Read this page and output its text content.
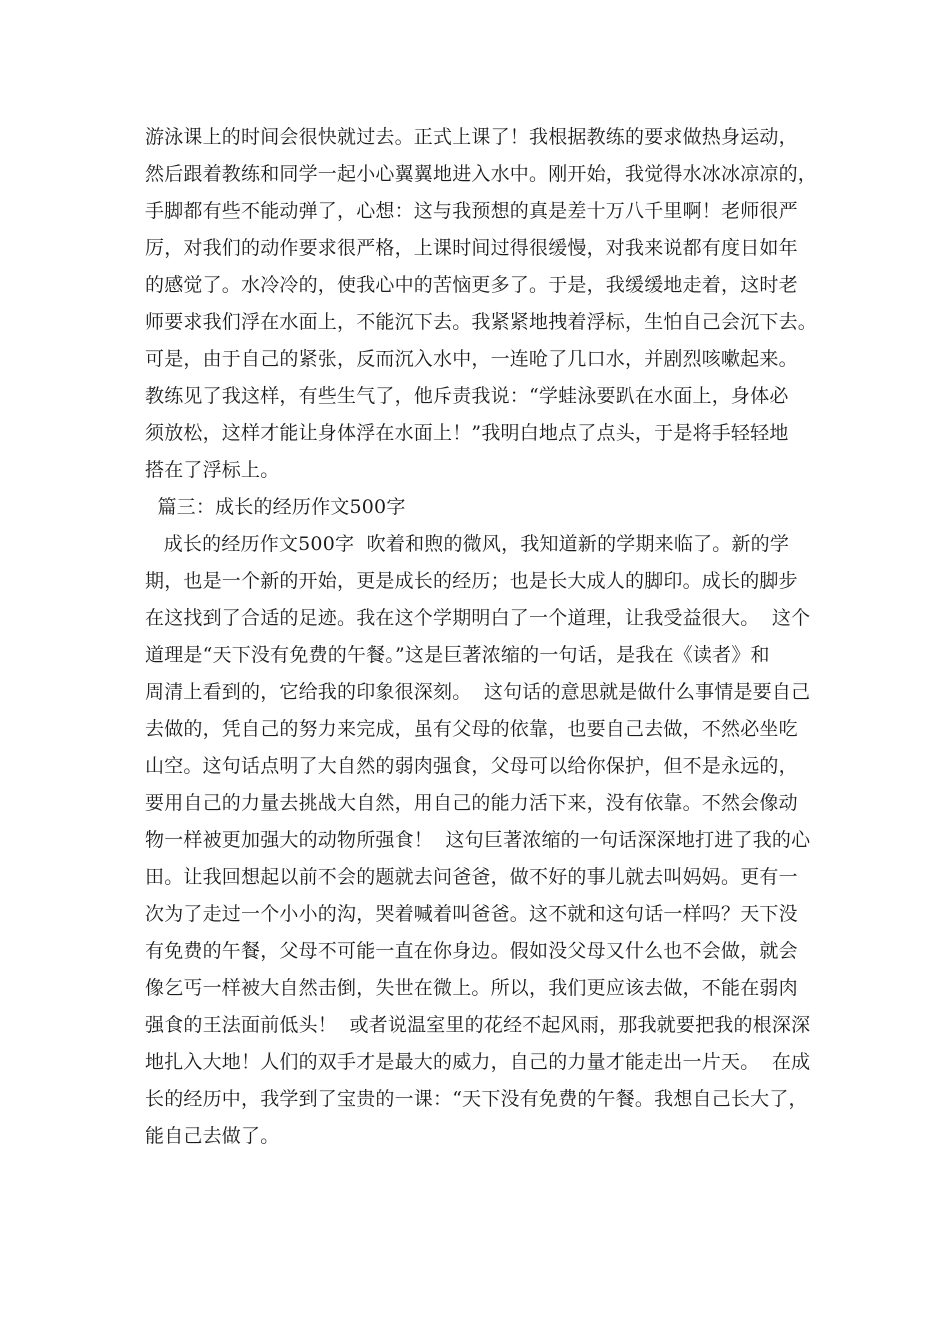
游泳课上的时间会很快就过去。正式上课了！我根据教练的要求做热身运动，
然后跟着教练和同学一起小心翼翼地进入水中。刚开始，我觉得水冰冰凉凉的，
手脚都有些不能动弹了，心想：这与我预想的真是差十万八千里啊！老师很严
厉，对我们的动作要求很严格，上课时间过得很缓慢，对我来说都有度日如年
的感觉了。水冷冷的，使我心中的苦恼更多了。于是，我缓缓地走着，这时老
师要求我们浮在水面上，不能沉下去。我紧紧地拽着浮标，生怕自己会沉下去。
可是，由于自己的紧张，反而沉入水中，一连呛了几口水，并剧烈咳嗽起来。
教练见了我这样，有些生气了，他斥责我说：“学蛙泳要趴在水面上，身体必
须放松，这样才能让身体浮在水面上！”我明白地点了点头，于是将手轻轻地
搭在了浮标上。
篇三：成长的经历作文500字
成长的经历作文500字  吹着和煦的微风，我知道新的学期来临了。新的学
期，也是一个新的开始，更是成长的经历；也是长大成人的脚印。成长的脚步
在这找到了合适的足迹。我在这个学期明白了一个道理，让我受益很大。  这个
道理是“天下没有免费的午餐。”这是巨著浓缩的一句话，是我在《读者》和
周清上看到的，它给我的印象很深刻。  这句话的意思就是做什么事情是要自己
去做的，凭自己的努力来完成，虽有父母的依靠，也要自己去做，不然必坐吃
山空。这句话点明了大自然的弱肉强食，父母可以给你保护，但不是永远的，
要用自己的力量去挑战大自然，用自己的能力活下来，没有依靠。不然会像动
物一样被更加强大的动物所强食！  这句巨著浓缩的一句话深深地打进了我的心
田。让我回想起以前不会的题就去问爸爸，做不好的事儿就去叫妈妈。更有一
次为了走过一个小小的沟，哭着喊着叫爸爸。这不就和这句话一样吗？天下没
有免费的午餐，父母不可能一直在你身边。假如没父母又什么也不会做，就会
像乞丐一样被大自然击倒，失世在微上。所以，我们更应该去做，不能在弱肉
强食的王法面前低头！  或者说温室里的花经不起风雨，那我就要把我的根深深
地扎入大地！人们的双手才是最大的威力，自己的力量才能走出一片天。  在成
长的经历中，我学到了宝贵的一课：“天下没有免费的午餐。我想自己长大了，
能自己去做了。
